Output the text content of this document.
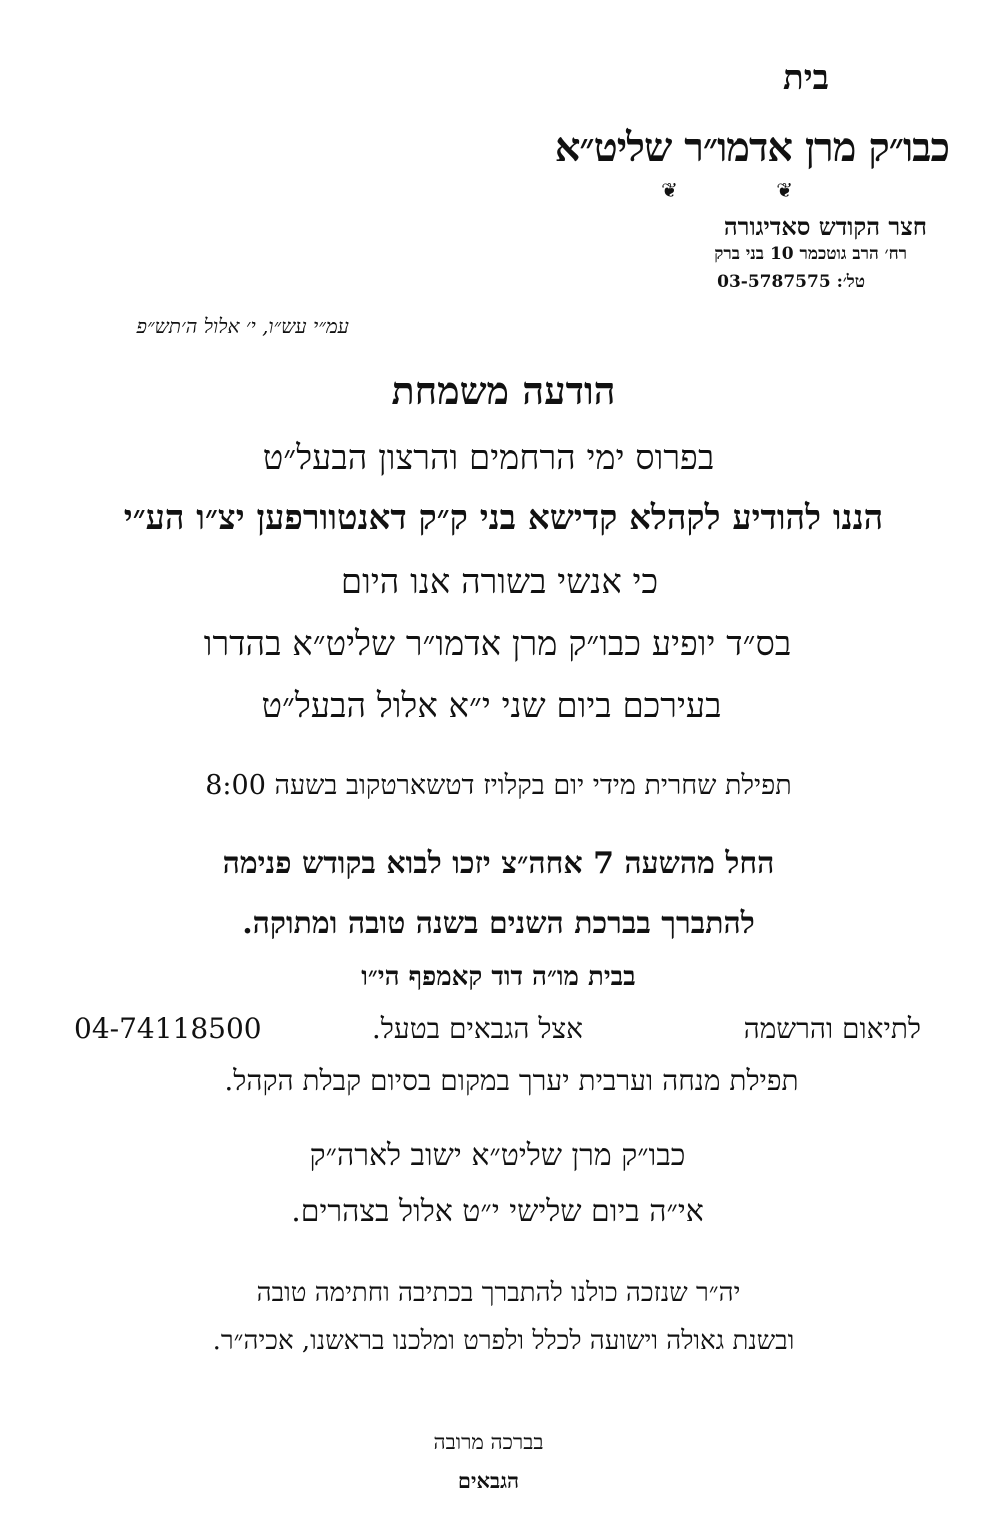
בית
כבו״ק מרן אדמו״ר שליט״א
❦ ❦
חצר הקודש סאדיגורה
רח׳ הרב גוטכמר 10 בני ברק
טל׳: 03-5787575
עמ״י עש״ו, י׳ אלול ה׳תש״פ
הודעה משמחת
בפרוס ימי הרחמים והרצון הבעל״ט
הננו להודיע לקהלא קדישא בני ק״ק דאנטוורפען יצ״ו הע״י
כי אנשי בשורה אנו היום
בס״ד יופיע כבו״ק מרן אדמו״ר שליט״א בהדרו
בעירכם ביום שני י״א אלול הבעל״ט
תפילת שחרית מידי יום בקלויז דטשארטקוב בשעה 8:00
החל מהשעה 7 אחה״צ יזכו לבוא בקודש פנימה
להתברך בברכת השנים בשנה טובה ומתוקה.
בבית מו״ה דוד קאמפף הי״ו
לתיאום והרשמה
אצל הגבאים בטעל.
04-74118500
תפילת מנחה וערבית יערך במקום בסיום קבלת הקהל.
כבו״ק מרן שליט״א ישוב לארה״ק
אי״ה ביום שלישי י״ט אלול בצהרים.
יה״ר שנזכה כולנו להתברך בכתיבה וחתימה טובה
ובשנת גאולה וישועה לכלל ולפרט ומלכנו בראשנו, אכיה״ר.
בברכה מרובה
הגבאים
